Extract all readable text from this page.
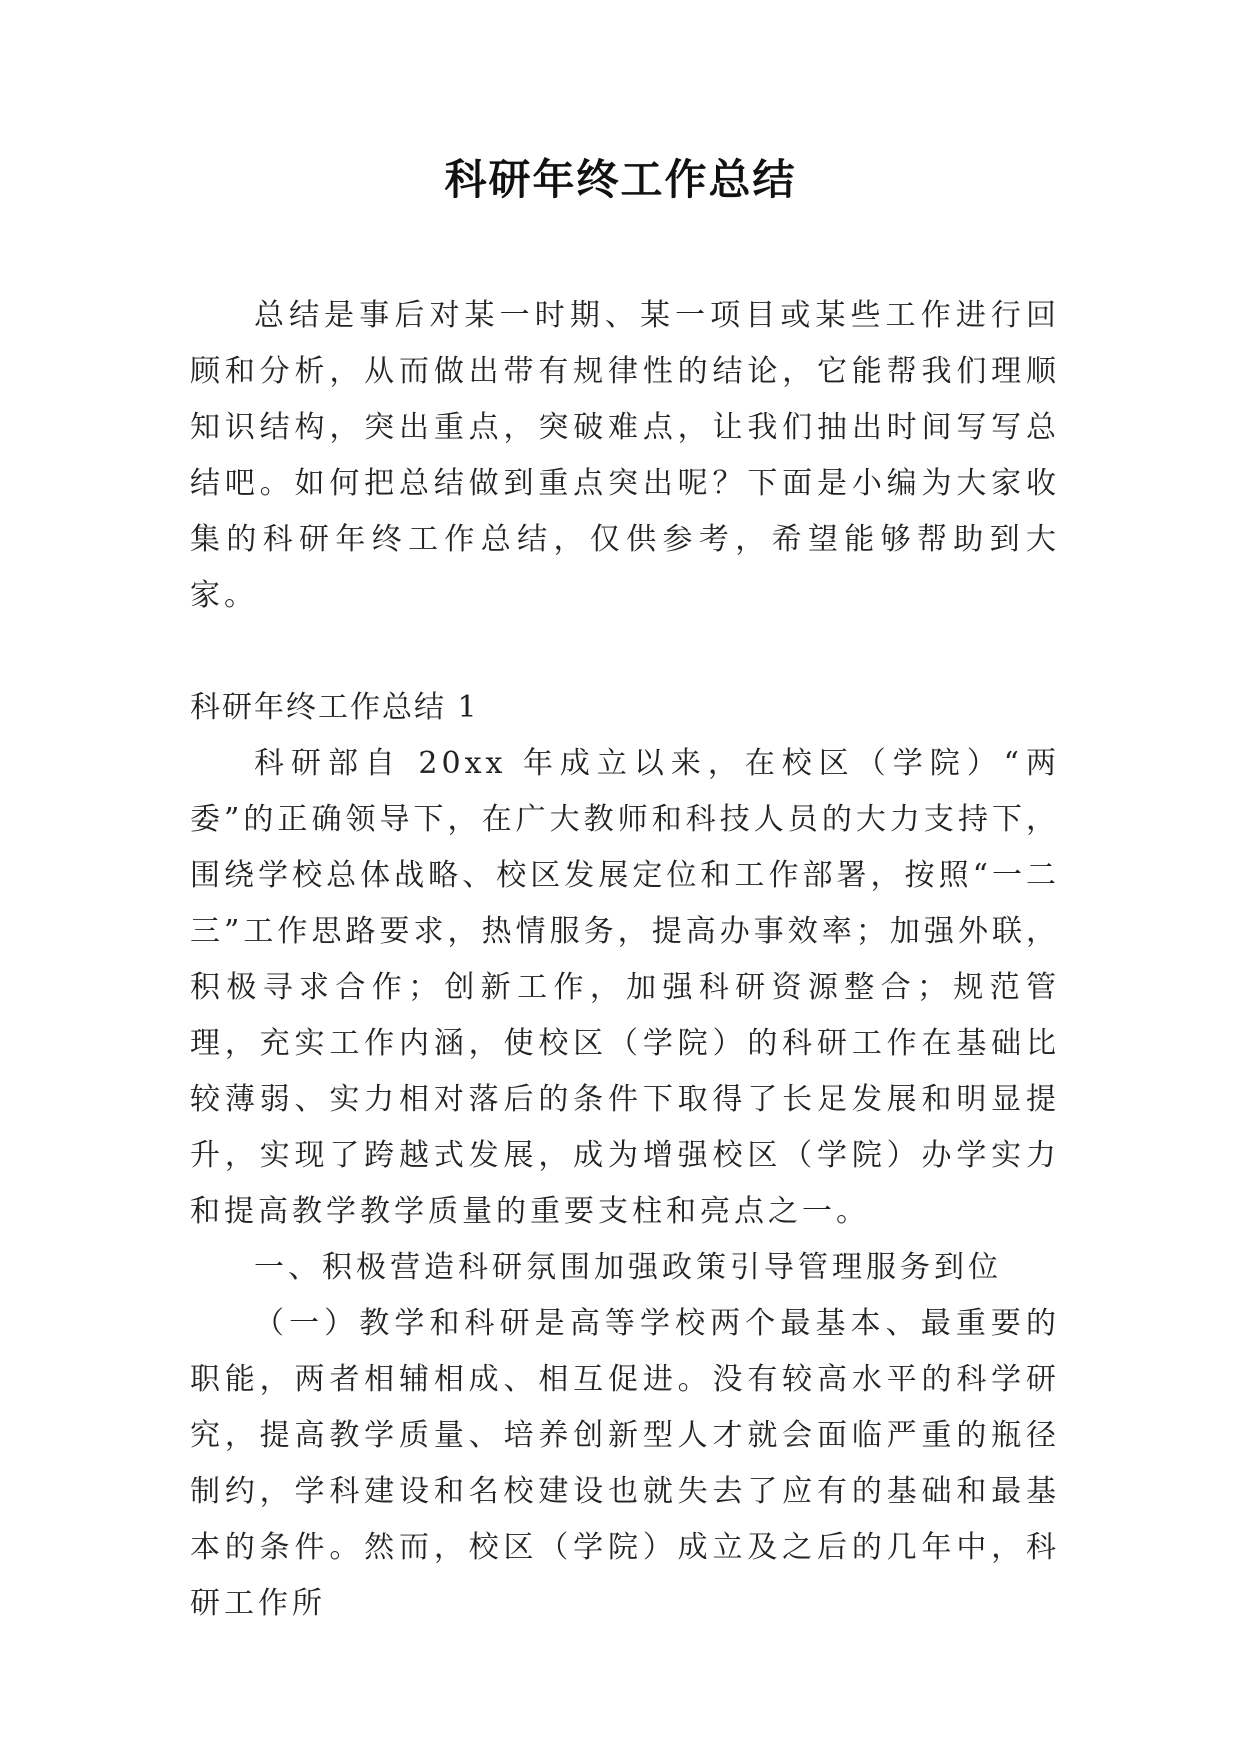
科研年终工作总结

总结是事后对某一时期、某一项目或某些工作进行回顾和分析，从而做出带有规律性的结论，它能帮我们理顺知识结构，突出重点，突破难点，让我们抽出时间写写总结吧。如何把总结做到重点突出呢？下面是小编为大家收集的科研年终工作总结，仅供参考，希望能够帮助到大家。

科研年终工作总结 1

科研部自 20xx 年成立以来，在校区（学院）“两委”的正确领导下，在广大教师和科技人员的大力支持下，围绕学校总体战略、校区发展定位和工作部署，按照“一二三”工作思路要求，热情服务，提高办事效率；加强外联，积极寻求合作；创新工作，加强科研资源整合；规范管理，充实工作内涵，使校区（学院）的科研工作在基础比较薄弱、实力相对落后的条件下取得了长足发展和明显提升，实现了跨越式发展，成为增强校区（学院）办学实力和提高教学教学质量的重要支柱和亮点之一。

一、积极营造科研氛围加强政策引导管理服务到位

（一）教学和科研是高等学校两个最基本、最重要的职能，两者相辅相成、相互促进。没有较高水平的科学研究，提高教学质量、培养创新型人才就会面临严重的瓶径制约，学科建设和名校建设也就失去了应有的基础和最基本的条件。然而，校区（学院）成立及之后的几年中，科研工作所
